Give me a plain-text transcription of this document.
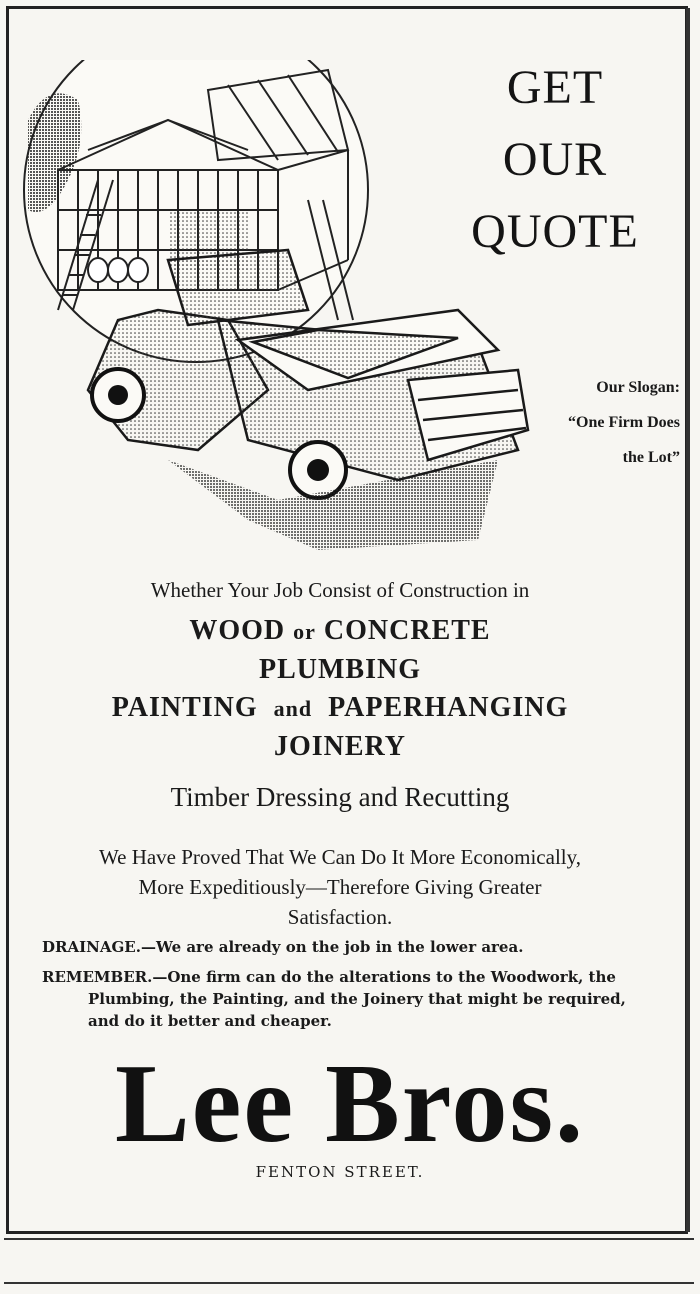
GET
OUR
QUOTE
Our Slogan:
“One Firm Does
the Lot”
Whether Your Job Consist of Construction in
WOOD or CONCRETE
PLUMBING
PAINTING and PAPERHANGING
JOINERY
Timber Dressing and Recutting
We Have Proved That We Can Do It More Economically,
More Expeditiously—Therefore Giving Greater
Satisfaction.

DRAINAGE.—We are already on the job in the lower area.

REMEMBER.—One firm can do the alterations to the Woodwork, the Plumbing, the Painting, and the Joinery that might be required, and do it better and cheaper.

Lee Bros.
FENTON STREET.
